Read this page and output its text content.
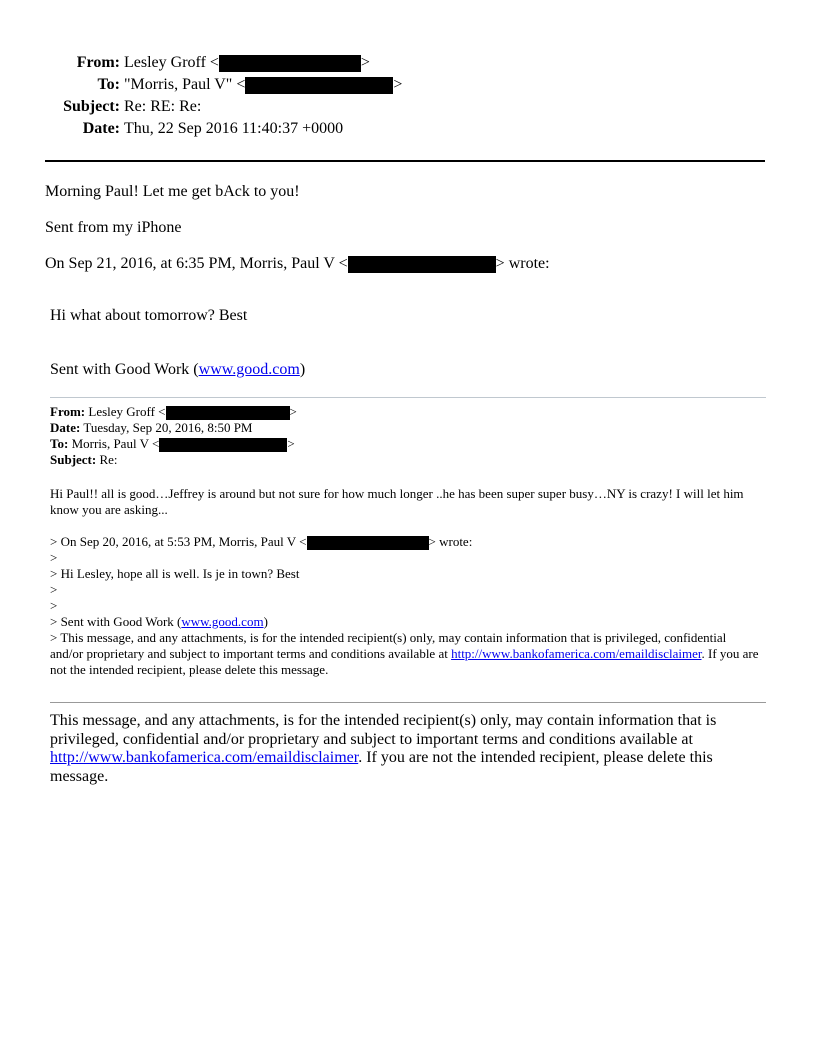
From: Lesley Groff <	>
To: "Morris, Paul V" <	>
Subject: Re: RE: Re:
Date: Thu, 22 Sep 2016 11:40:37 +0000
Morning Paul! Let me get bAck to you!
Sent from my iPhone
On Sep 21, 2016, at 6:35 PM, Morris, Paul V <	> wrote:
Hi what about tomorrow? Best
Sent with Good Work (www.good.com)
From: Lesley Groff <	>
Date: Tuesday, Sep 20, 2016, 8:50 PM
To: Morris, Paul V <	>
Subject: Re:
Hi Paul!! all is good…Jeffrey is around but not sure for how much longer ..he has been super super busy…NY is crazy! I will let him know you are asking...
> On Sep 20, 2016, at 5:53 PM, Morris, Paul V <	> wrote:
>
> Hi Lesley, hope all is well. Is je in town? Best
>
>
> Sent with Good Work (www.good.com)
> This message, and any attachments, is for the intended recipient(s) only, may contain information that is privileged, confidential and/or proprietary and subject to important terms and conditions available at http://www.bankofamerica.com/emaildisclaimer. If you are not the intended recipient, please delete this message.
This message, and any attachments, is for the intended recipient(s) only, may contain information that is privileged, confidential and/or proprietary and subject to important terms and conditions available at http://www.bankofamerica.com/emaildisclaimer. If you are not the intended recipient, please delete this message.
